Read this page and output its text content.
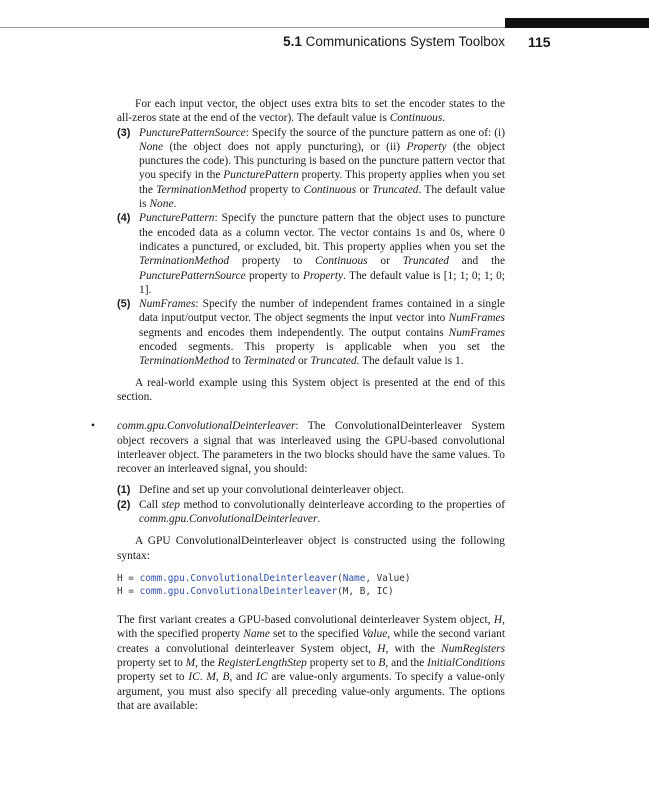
5.1 Communications System Toolbox 115

For each input vector, the object uses extra bits to set the encoder states to the all-zeros state at the end of the vector). The default value is Continuous.

(3) PuncturePatternSource: Specify the source of the puncture pattern as one of: (i) None (the object does not apply puncturing), or (ii) Property (the object punctures the code). This puncturing is based on the puncture pattern vector that you specify in the PuncturePattern property. This property applies when you set the TerminationMethod property to Continuous or Truncated. The default value is None.
(4) PuncturePattern: Specify the puncture pattern that the object uses to puncture the encoded data as a column vector. The vector contains 1s and 0s, where 0 indicates a punctured, or excluded, bit. This property applies when you set the TerminationMethod property to Continuous or Truncated and the PuncturePatternSource property to Property. The default value is [1; 1; 0; 1; 0; 1].
(5) NumFrames: Specify the number of independent frames contained in a single data input/output vector. The object segments the input vector into NumFrames segments and encodes them independently. The output contains NumFrames encoded segments. This property is applicable when you set the TerminationMethod to Terminated or Truncated. The default value is 1.

A real-world example using this System object is presented at the end of this section.

• comm.gpu.ConvolutionalDeinterleaver: The ConvolutionalDeinterleaver System object recovers a signal that was interleaved using the GPU-based convolutional interleaver object. The parameters in the two blocks should have the same values. To recover an interleaved signal, you should:

(1) Define and set up your convolutional deinterleaver object.
(2) Call step method to convolutionally deinterleave according to the properties of comm.gpu.ConvolutionalDeinterleaver.

A GPU ConvolutionalDeinterleaver object is constructed using the following syntax:

H = comm.gpu.ConvolutionalDeinterleaver(Name, Value)
H = comm.gpu.ConvolutionalDeinterleaver(M, B, IC)

The first variant creates a GPU-based convolutional deinterleaver System object, H, with the specified property Name set to the specified Value, while the second variant creates a convolutional deinterleaver System object, H, with the NumRegisters property set to M, the RegisterLengthStep property set to B, and the InitialConditions property set to IC. M, B, and IC are value-only arguments. To specify a value-only argument, you must also specify all preceding value-only arguments. The options that are available:
